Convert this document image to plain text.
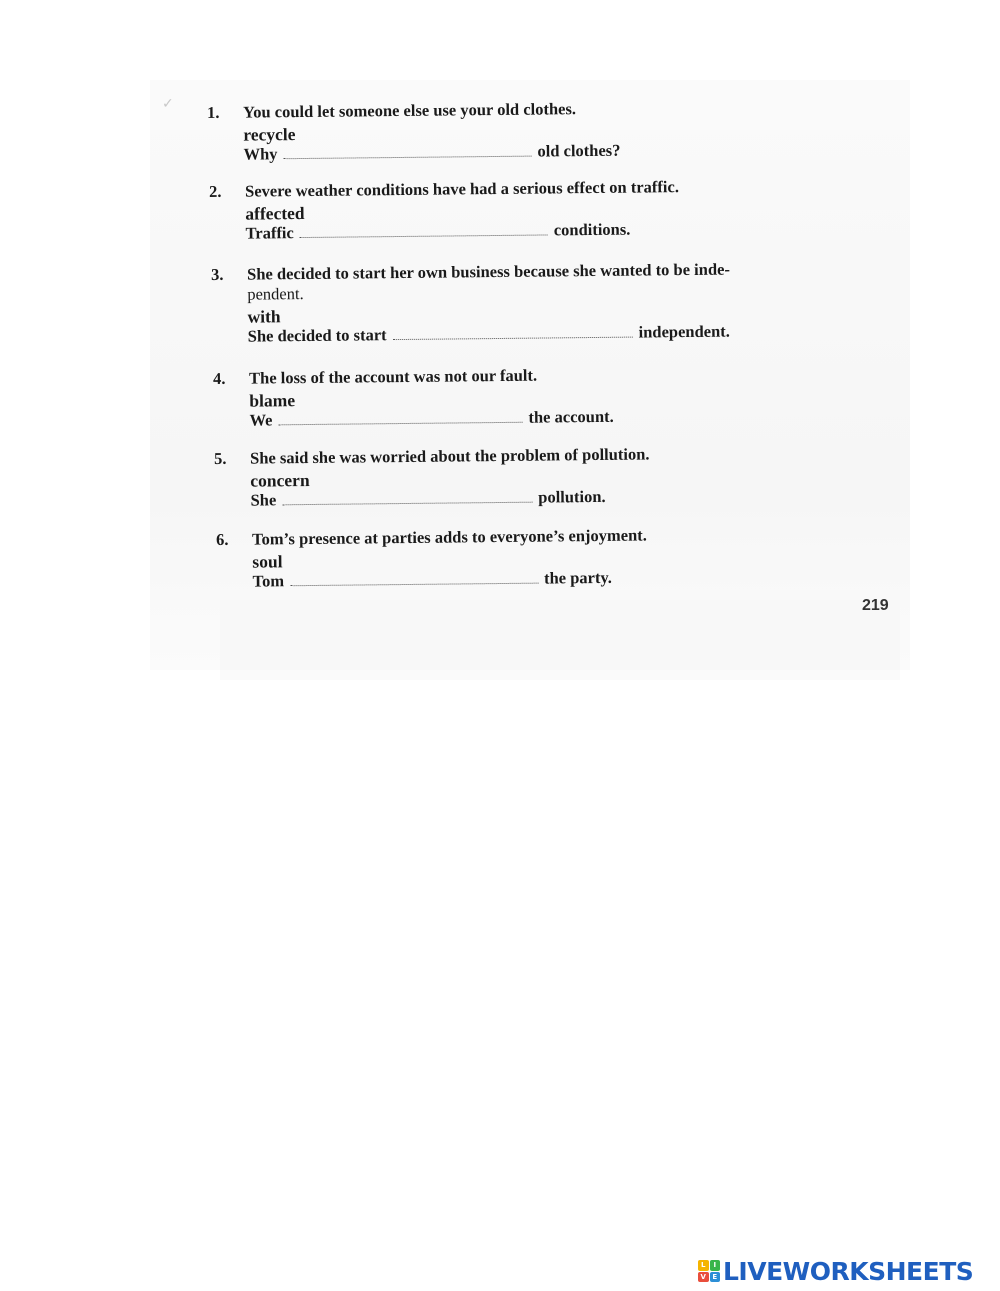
✓	1. You could let someone else use your old clothes.
recycle
Why	old clothes?
2. Severe weather conditions have had a serious effect on traffic.
affected
Traffic	conditions.
3. She decided to start her own business because she wanted to be inde-
pendent.
with
She decided to start	independent.
4. The loss of the account was not our fault.
blame
We	the account.
5. She said she was worried about the problem of pollution.
concern
She	pollution.
6. Tom’s presence at parties adds to everyone’s enjoyment.
soul
Tom	the party.
219
L	I
V E LIVEWORKSHEETS
